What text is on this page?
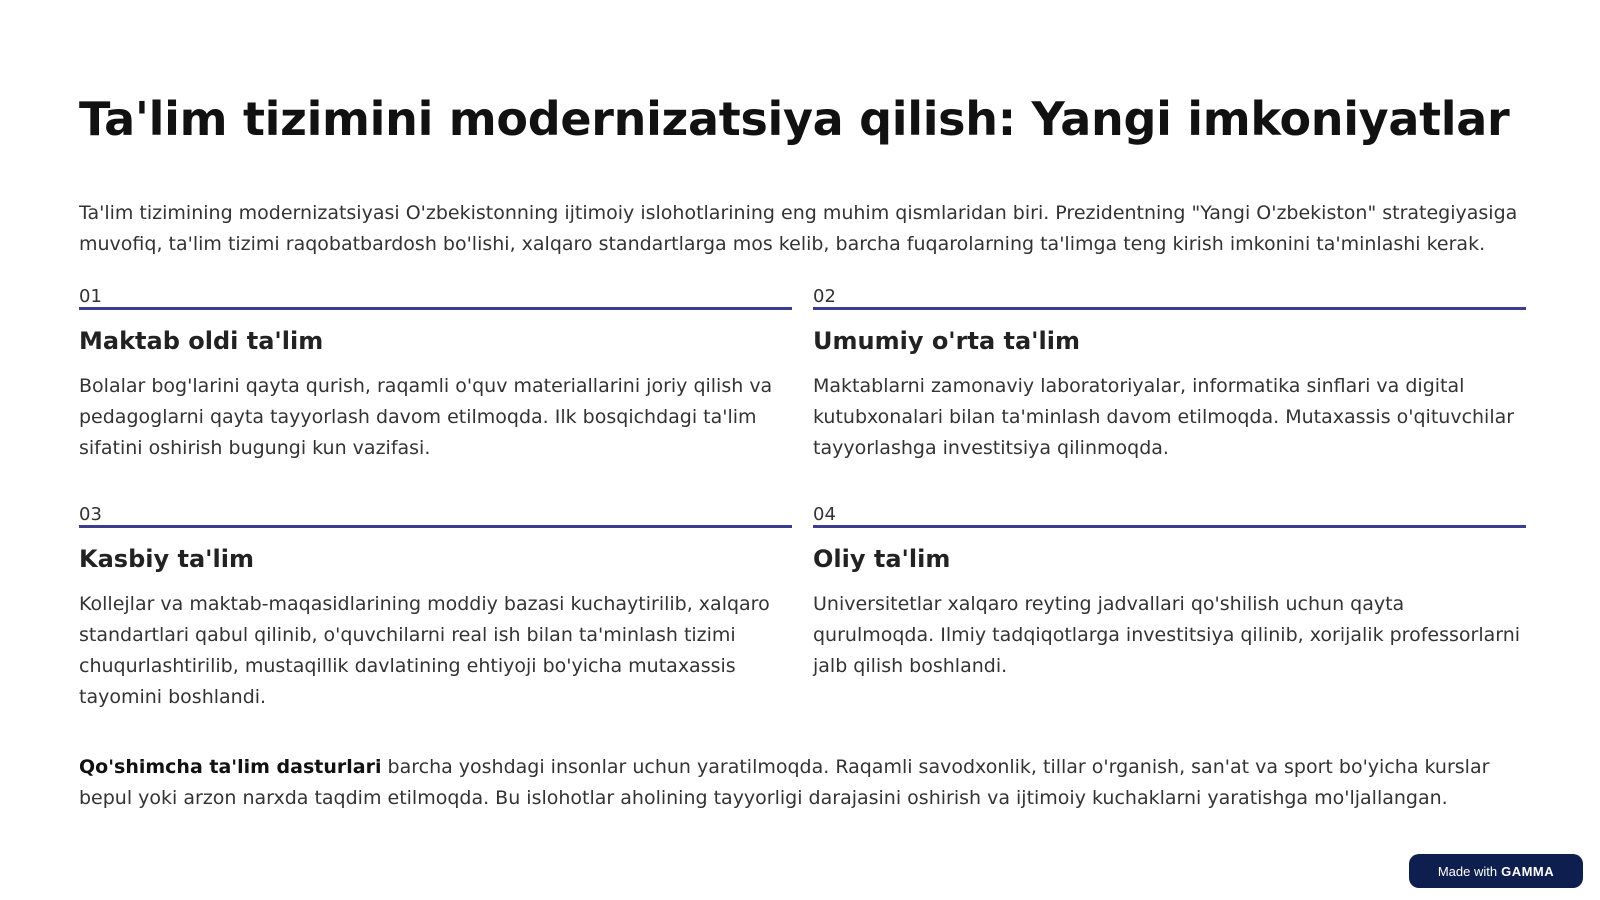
Ta'lim tizimini modernizatsiya qilish: Yangi imkoniyatlar
Ta'lim tizimining modernizatsiyasi O'zbekistonning ijtimoiy islohotlarining eng muhim qismlaridan biri. Prezidentning "Yangi O'zbekiston" strategiyasiga muvofiq, ta'lim tizimi raqobatbardosh bo'lishi, xalqaro standartlarga mos kelib, barcha fuqarolarning ta'limga teng kirish imkonini ta'minlashi kerak.
01
Maktab oldi ta'lim
Bolalar bog'larini qayta qurish, raqamli o'quv materiallarini joriy qilish va pedagoglarni qayta tayyorlash davom etilmoqda. Ilk bosqichdagi ta'lim sifatini oshirish bugungi kun vazifasi.
02
Umumiy o'rta ta'lim
Maktablarni zamonaviy laboratoriyalar, informatika sinflari va digital kutubxonalari bilan ta'minlash davom etilmoqda. Mutaxassis o'qituvchilar tayyorlashga investitsiya qilinmoqda.
03
Kasbiy ta'lim
Kollejlar va maktab-maqasidlarining moddiy bazasi kuchaytirilib, xalqaro standartlari qabul qilinib, o'quvchilarni real ish bilan ta'minlash tizimi chuqurlashtirilib, mustaqillik davlatining ehtiyoji bo'yicha mutaxassis tayomini boshlandi.
04
Oliy ta'lim
Universitetlar xalqaro reyting jadvallari qo'shilish uchun qayta qurulmoqda. Ilmiy tadqiqotlarga investitsiya qilinib, xorijalik professorlarni jalb qilish boshlandi.
Qo'shimcha ta'lim dasturlari barcha yoshdagi insonlar uchun yaratilmoqda. Raqamli savodxonlik, tillar o'rganish, san'at va sport bo'yicha kurslar bepul yoki arzon narxda taqdim etilmoqda. Bu islohotlar aholining tayyorligi darajasini oshirish va ijtimoiy kuchaklarni yaratishga mo'ljallangan.
Made with GAMMA
